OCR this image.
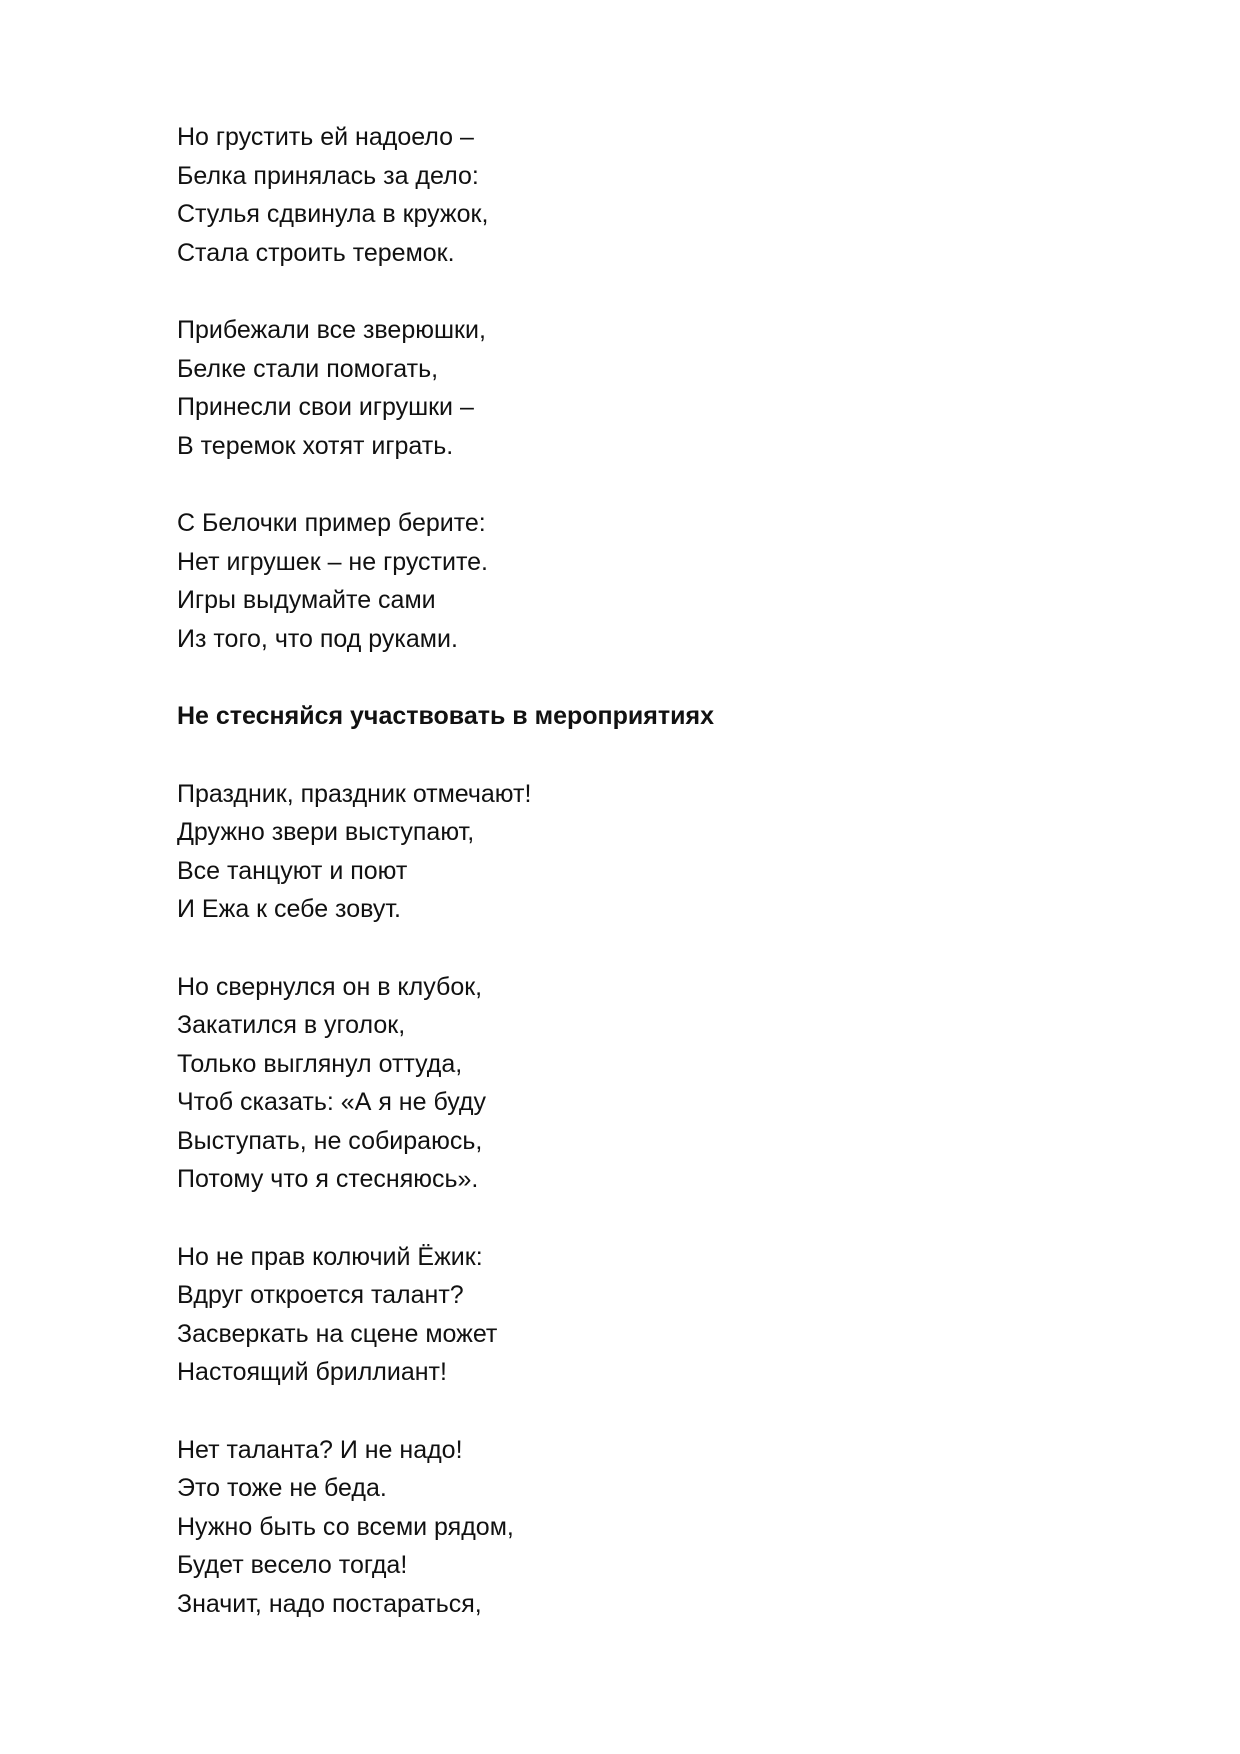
Но грустить ей надоело –
Белка принялась за дело:
Стулья сдвинула в кружок,
Стала строить теремок.
Прибежали все зверюшки,
Белке стали помогать,
Принесли свои игрушки –
В теремок хотят играть.
С Белочки пример берите:
Нет игрушек – не грустите.
Игры выдумайте сами
Из того, что под руками.
Не стесняйся участвовать в мероприятиях
Праздник, праздник отмечают!
Дружно звери выступают,
Все танцуют и поют
И Ежа к себе зовут.
Но свернулся он в клубок,
Закатился в уголок,
Только выглянул оттуда,
Чтоб сказать: «А я не буду
Выступать, не собираюсь,
Потому что я стесняюсь».
Но не прав колючий Ёжик:
Вдруг откроется талант?
Засверкать на сцене может
Настоящий бриллиант!
Нет таланта? И не надо!
Это тоже не беда.
Нужно быть со всеми рядом,
Будет весело тогда!
Значит, надо постараться,
